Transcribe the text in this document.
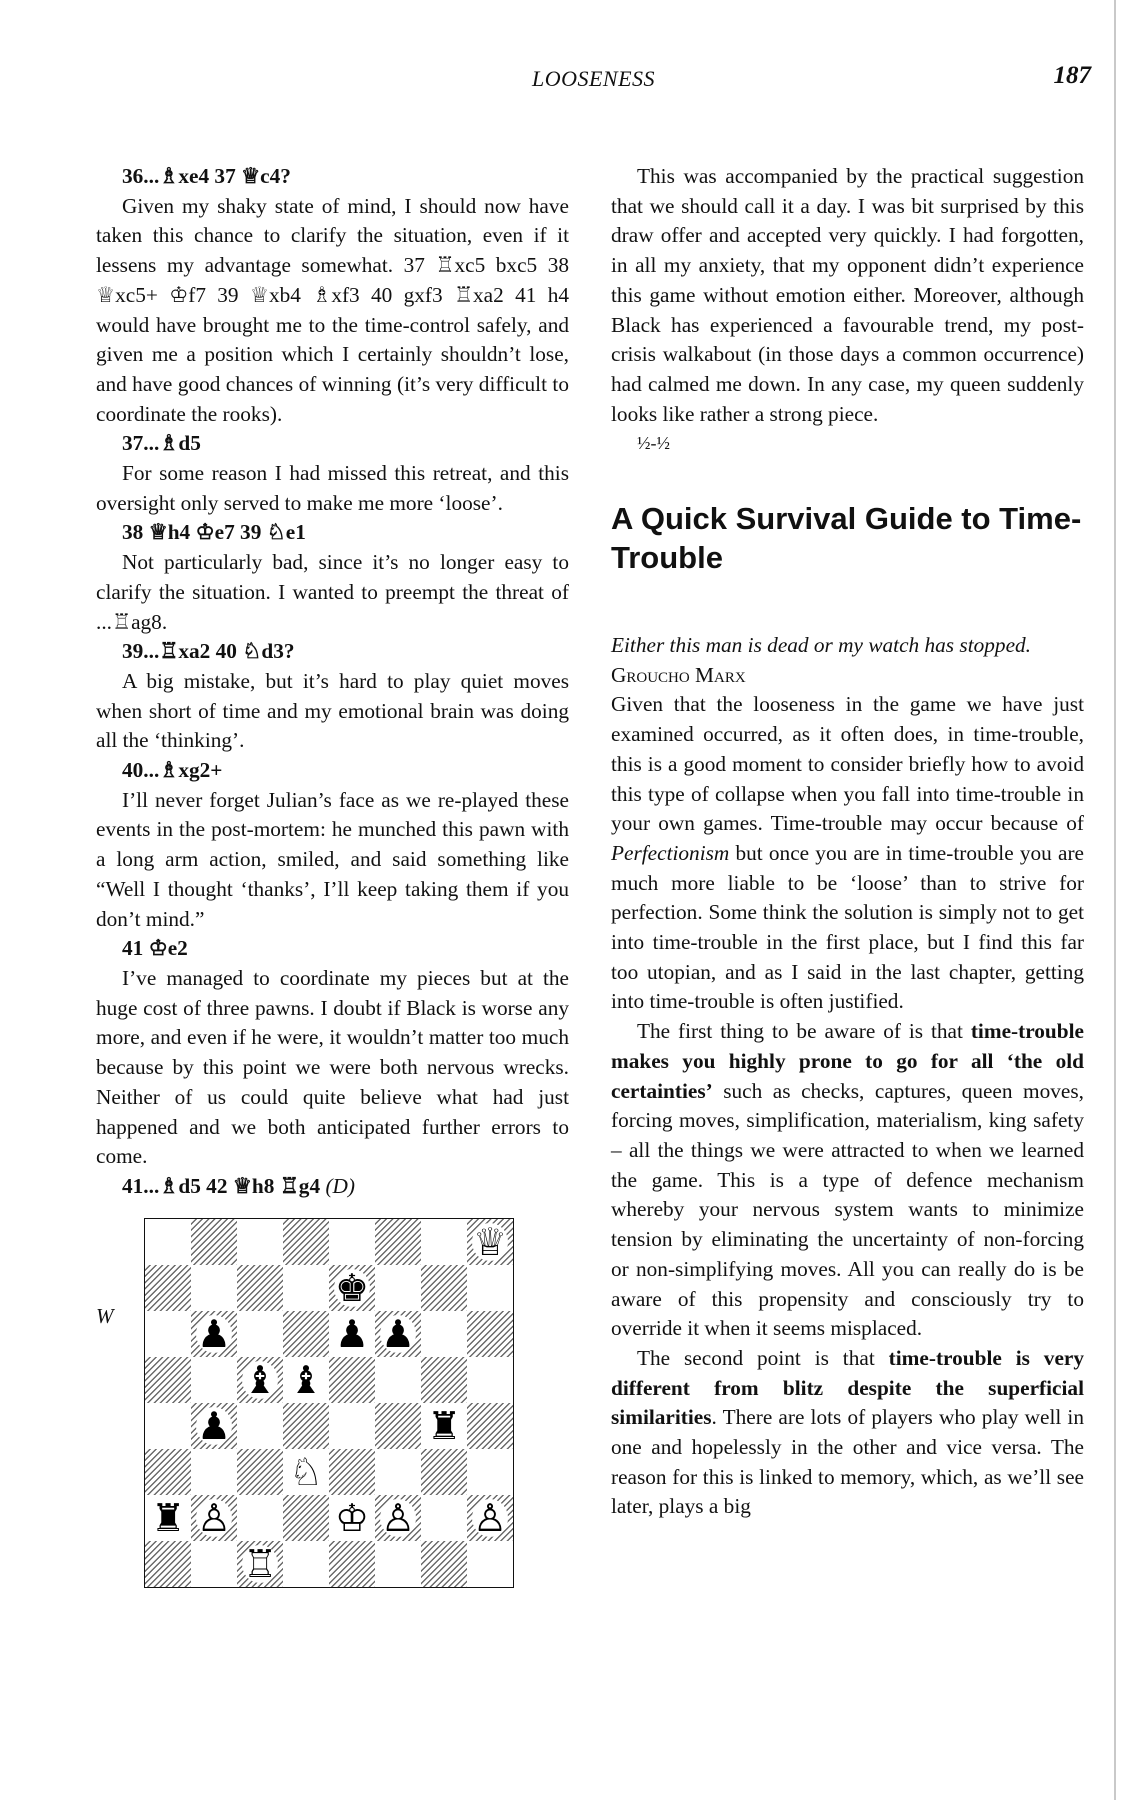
LOOSENESS	187
36...♗xe4 37 ♕c4?

Given my shaky state of mind, I should now have taken this chance to clarify the situation, even if it lessens my advantage somewhat. 37 ♖xc5 bxc5 38 ♕xc5+ ♔f7 39 ♕xb4 ♗xf3 40 gxf3 ♖xa2 41 h4 would have brought me to the time-control safely, and given me a position which I certainly shouldn’t lose, and have good chances of winning (it’s very difficult to coordinate the rooks).

37...♗d5

For some reason I had missed this retreat, and this oversight only served to make me more ‘loose’.

38 ♕h4 ♔e7 39 ♘e1

Not particularly bad, since it’s no longer easy to clarify the situation. I wanted to preempt the threat of ...♖ag8.

39...♖xa2 40 ♘d3?

A big mistake, but it’s hard to play quiet moves when short of time and my emotional brain was doing all the ‘thinking’.

40...♗xg2+

I’ll never forget Julian’s face as we re-played these events in the post-mortem: he munched this pawn with a long arm action, smiled, and said something like “Well I thought ‘thanks’, I’ll keep taking them if you don’t mind.”

41 ♔e2

I’ve managed to coordinate my pieces but at the huge cost of three pawns. I doubt if Black is worse any more, and even if he were, it wouldn’t matter too much because by this point we were both nervous wrecks. Neither of us could quite believe what had just happened and we both anticipated further errors to come.

41...♗d5 42 ♕h8 ♖g4 (D)
W
♕
♚
♟	♟ ♟
♝ ♝
♟	♜
♘
♜ ♙	♔ ♙ ♙
♖

This was accompanied by the practical suggestion that we should call it a day. I was bit surprised by this draw offer and accepted very quickly. I had forgotten, in all my anxiety, that my opponent didn’t experience this game without emotion either. Moreover, although Black has experienced a favourable trend, my post-crisis walkabout (in those days a common occurrence) had calmed me down. In any case, my queen suddenly looks like rather a strong piece.

½-½
A Quick Survival Guide to Time-Trouble

Either this man is dead or my watch has stopped.

Groucho Marx

Given that the looseness in the game we have just examined occurred, as it often does, in time-trouble, this is a good moment to consider briefly how to avoid this type of collapse when you fall into time-trouble in your own games. Time-trouble may occur because of Perfectionism but once you are in time-trouble you are much more liable to be ‘loose’ than to strive for perfection. Some think the solution is simply not to get into time-trouble in the first place, but I find this far too utopian, and as I said in the last chapter, getting into time-trouble is often justified.

The first thing to be aware of is that time-trouble makes you highly prone to go for all ‘the old certainties’ such as checks, captures, queen moves, forcing moves, simplification, materialism, king safety – all the things we were attracted to when we learned the game. This is a type of defence mechanism whereby your nervous system wants to minimize tension by eliminating the uncertainty of non-forcing or non-simplifying moves. All you can really do is be aware of this propensity and consciously try to override it when it seems misplaced.

The second point is that time-trouble is very different from blitz despite the superficial similarities. There are lots of players who play well in one and hopelessly in the other and vice versa. The reason for this is linked to memory, which, as we’ll see later, plays a big
